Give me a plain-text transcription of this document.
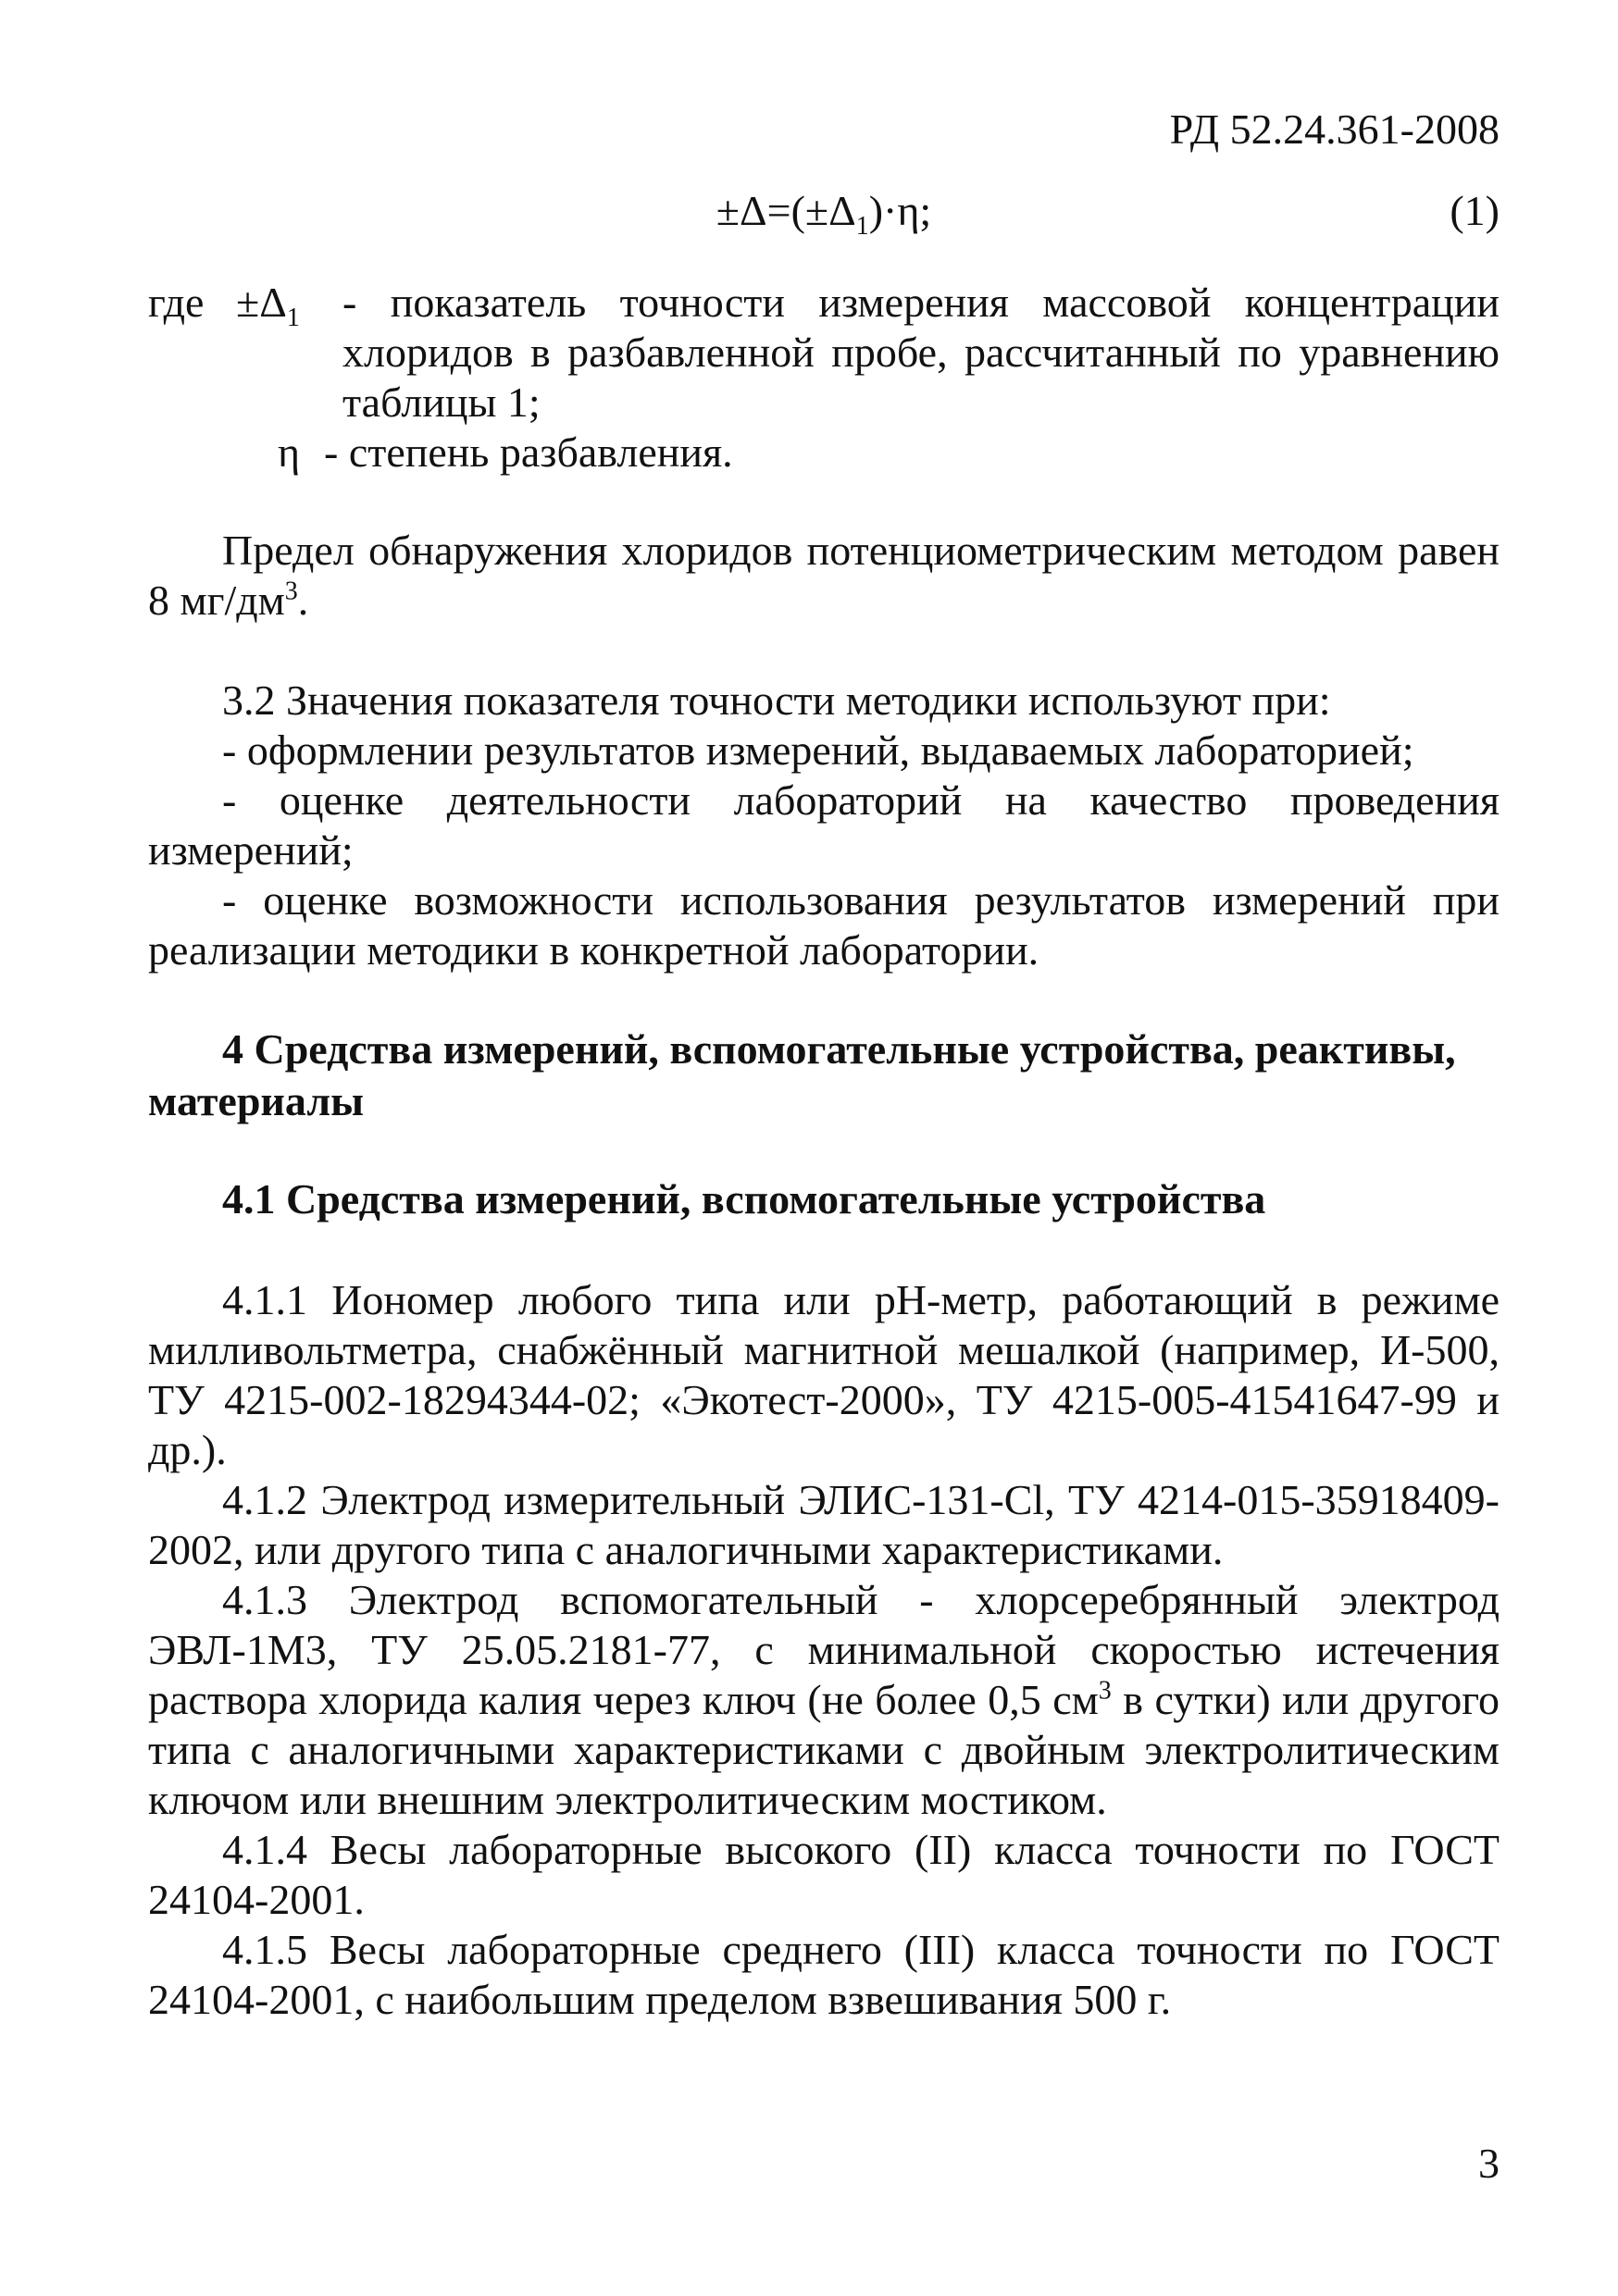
РД 52.24.361-2008
$\pm\Delta=(\pm\Delta_1)\cdot\eta$;	(1)
где $\pm\Delta_1$ - показатель точности измерения массовой концентрации хлоридов в разбавленной пробе, рассчитанный по уравнению таблицы 1;
η - степень разбавления.
Предел обнаружения хлоридов потенциометрическим методом равен 8 $мг/дм^3$.

3.2 Значения показателя точности методики используют при:

- оформлении результатов измерений, выдаваемых лабораторией;

- оценке деятельности лабораторий на качество проведения измерений;

- оценке возможности использования результатов измерений при реализации методики в конкретной лаборатории.

4 Средства измерений, вспомогательные устройства, реактивы, материалы
4.1 Средства измерений, вспомогательные устройства

4.1.1 Иономер любого типа или pH-метр, работающий в режиме милливольтметра, снабжённый магнитной мешалкой (например, И-500, ТУ 4215-002-18294344-02; «Экотест-2000», ТУ 4215-005-41541647-99 и др.).

4.1.2 Электрод измерительный ЭЛИС-131-Cl, ТУ 4214-015-35918409-2002, или другого типа с аналогичными характеристиками.

4.1.3 Электрод вспомогательный - хлорсеребрянный электрод ЭВЛ-1М3, ТУ 25.05.2181-77, с минимальной скоростью истечения раствора хлорида калия через ключ (не более 0,5 $см^3$ в сутки) или другого типа с аналогичными характеристиками с двойным электролитическим ключом или внешним электролитическим мостиком.

4.1.4 Весы лабораторные высокого (II) класса точности по ГОСТ 24104-2001.

4.1.5 Весы лабораторные среднего (III) класса точности по ГОСТ 24104-2001, с наибольшим пределом взвешивания 500 г.

3
